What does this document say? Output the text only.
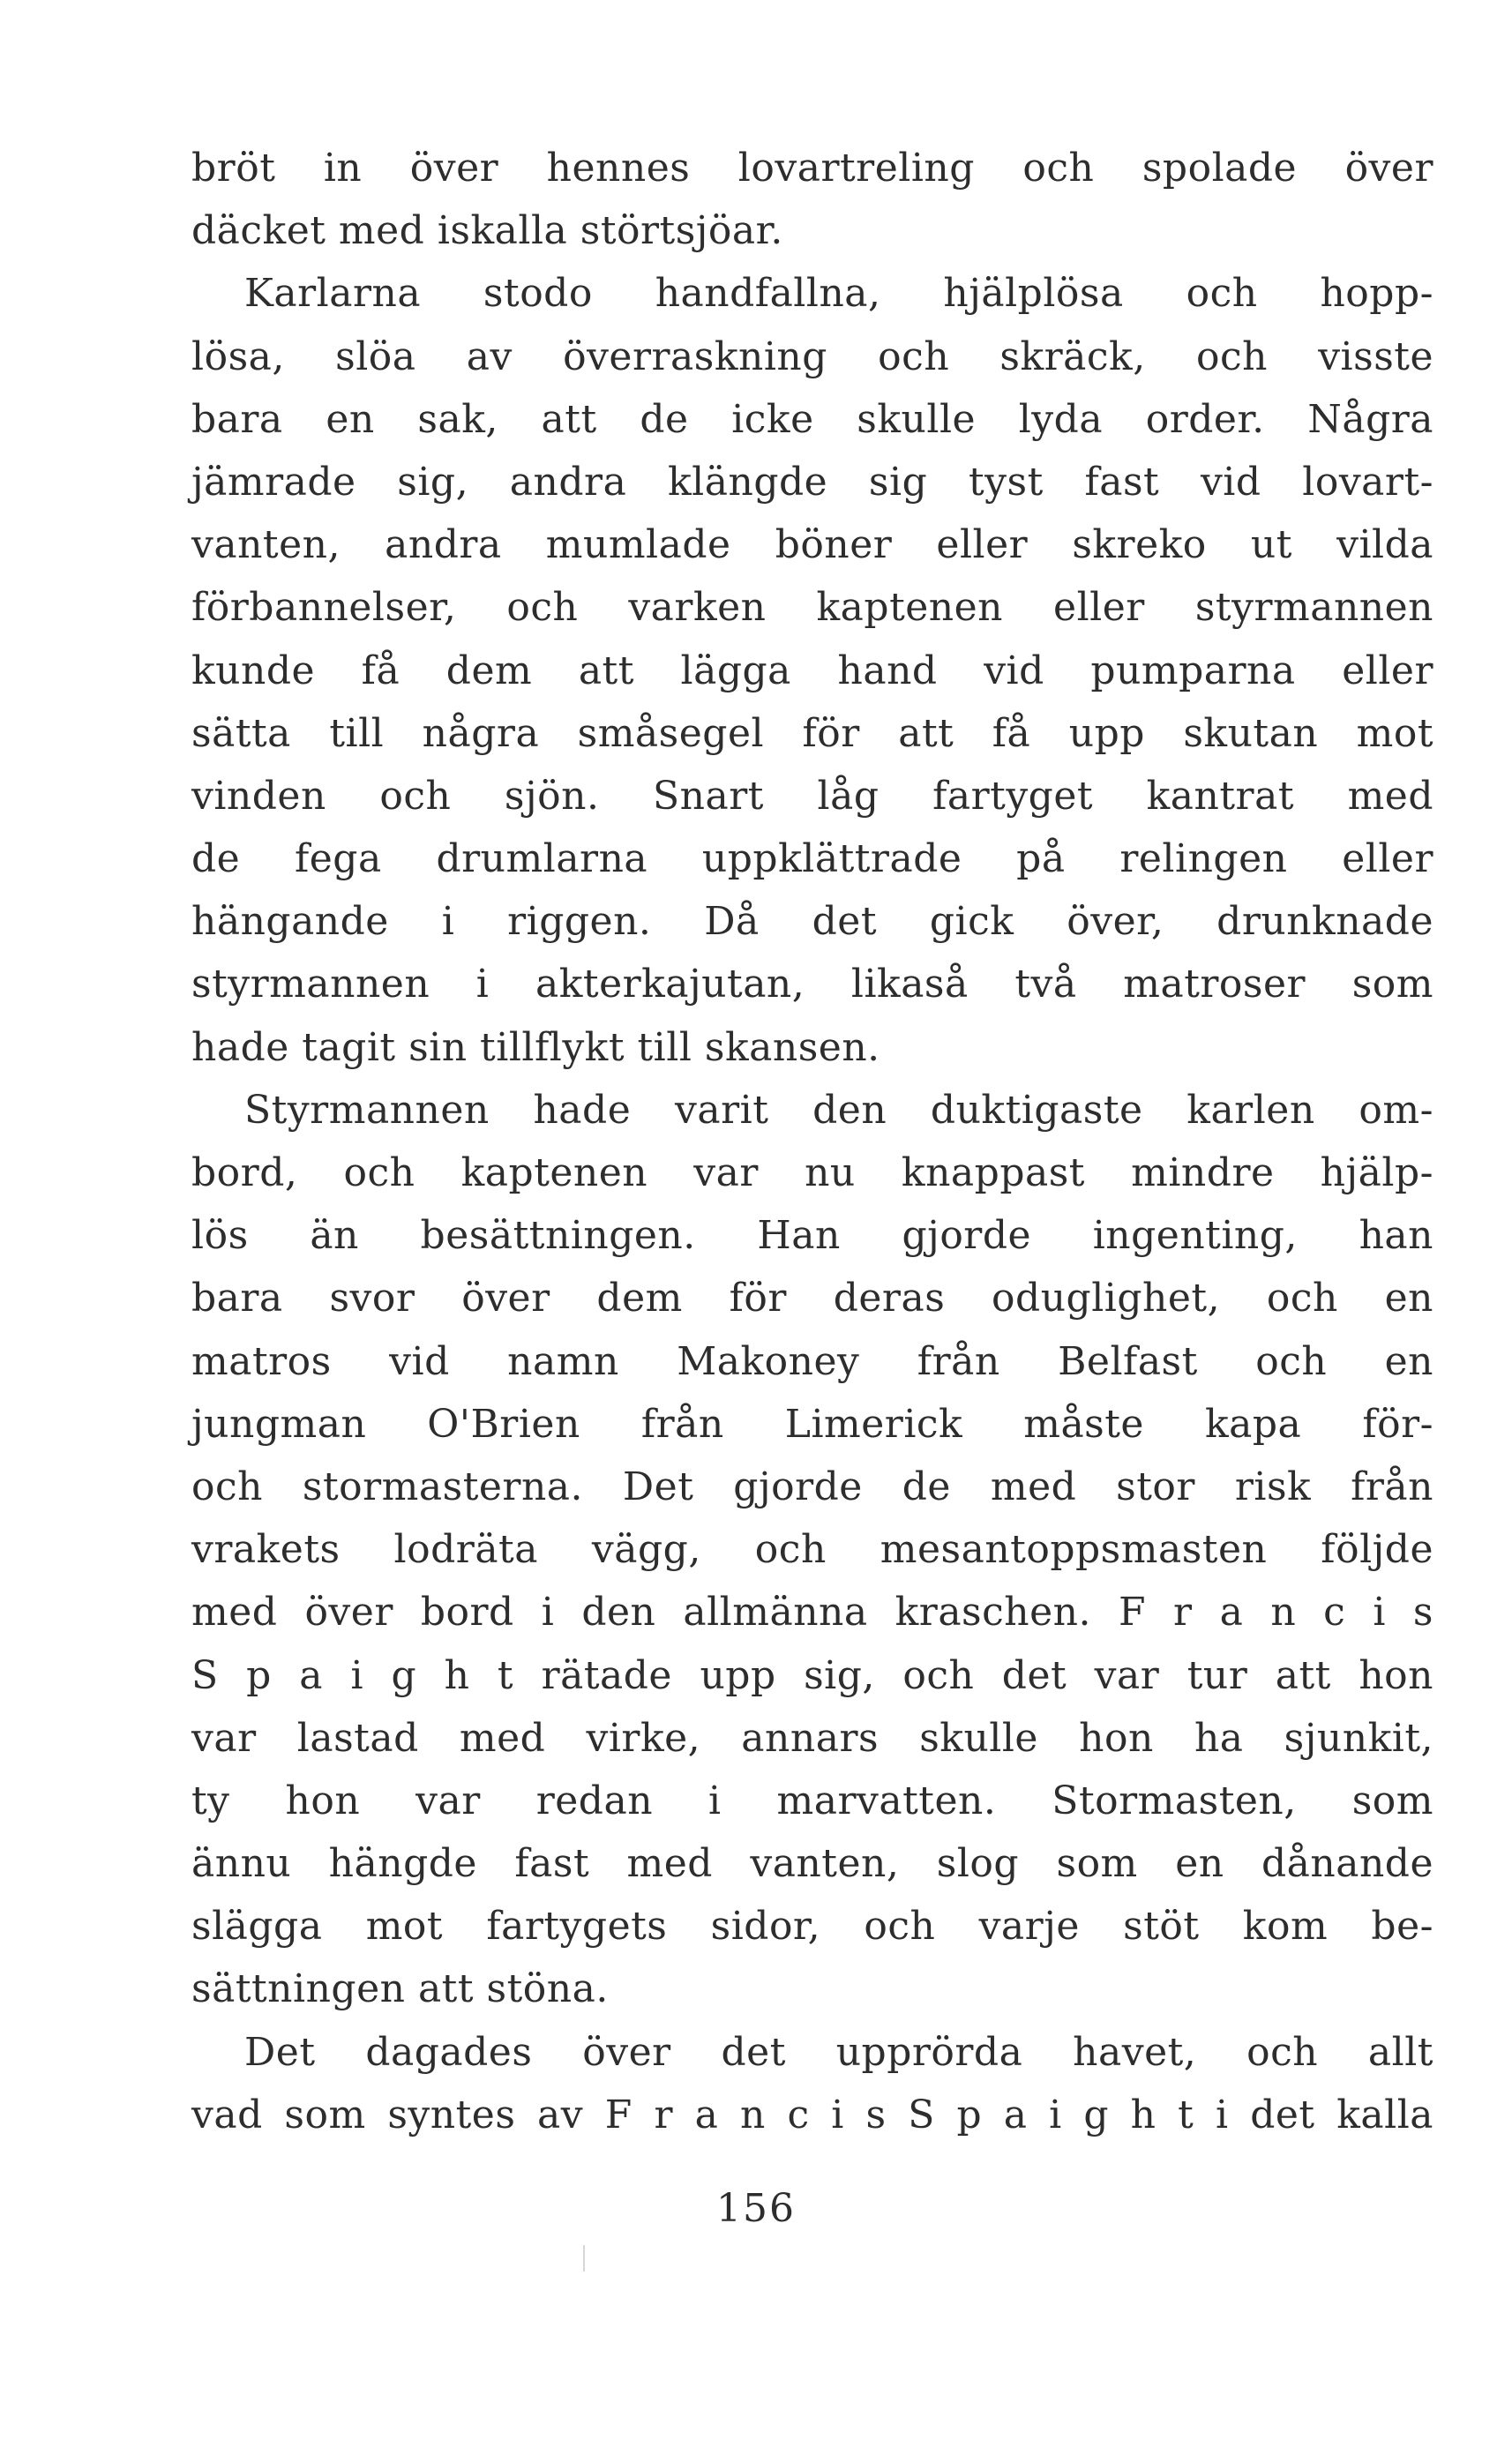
bröt in över hennes lovartreling och spolade över
däcket med iskalla störtsjöar.
Karlarna stodo handfallna, hjälplösa och hopp-
lösa, slöa av överraskning och skräck, och visste
bara en sak, att de icke skulle lyda order. Några
jämrade sig, andra klängde sig tyst fast vid lovart-
vanten, andra mumlade böner eller skreko ut vilda
förbannelser, och varken kaptenen eller styrmannen
kunde få dem att lägga hand vid pumparna eller
sätta till några småsegel för att få upp skutan mot
vinden och sjön. Snart låg fartyget kantrat med
de fega drumlarna uppklättrade på relingen eller
hängande i riggen. Då det gick över, drunknade
styrmannen i akterkajutan, likaså två matroser som
hade tagit sin tillflykt till skansen.
Styrmannen hade varit den duktigaste karlen om-
bord, och kaptenen var nu knappast mindre hjälp-
lös än besättningen. Han gjorde ingenting, han
bara svor över dem för deras oduglighet, och en
matros vid namn Makoney från Belfast och en
jungman O'Brien från Limerick måste kapa för-
och stormasterna. Det gjorde de med stor risk från
vrakets lodräta vägg, och mesantoppsmasten följde
med över bord i den allmänna kraschen. F r a n c i s
S p a i g h t rätade upp sig, och det var tur att hon
var lastad med virke, annars skulle hon ha sjunkit,
ty hon var redan i marvatten. Stormasten, som
ännu hängde fast med vanten, slog som en dånande
slägga mot fartygets sidor, och varje stöt kom be-
sättningen att stöna.
Det dagades över det upprörda havet, och allt
vad som syntes av F r a n c i s S p a i g h t i det kalla
156
